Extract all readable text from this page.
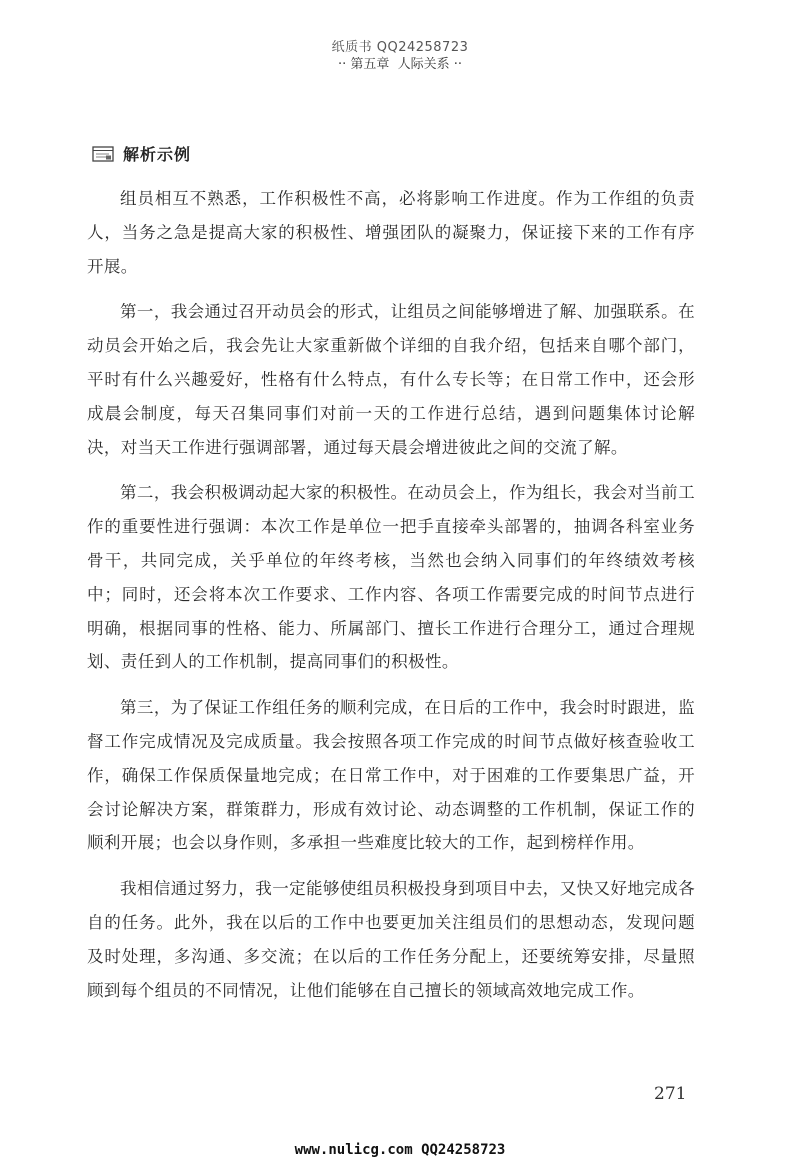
纸质书 QQ24258723
·· 第五章  人际关系 ··
解析示例

组员相互不熟悉，工作积极性不高，必将影响工作进度。作为工作组的负责人，当务之急是提高大家的积极性、增强团队的凝聚力，保证接下来的工作有序开展。

第一，我会通过召开动员会的形式，让组员之间能够增进了解、加强联系。在动员会开始之后，我会先让大家重新做个详细的自我介绍，包括来自哪个部门，平时有什么兴趣爱好，性格有什么特点，有什么专长等；在日常工作中，还会形成晨会制度，每天召集同事们对前一天的工作进行总结，遇到问题集体讨论解决，对当天工作进行强调部署，通过每天晨会增进彼此之间的交流了解。

第二，我会积极调动起大家的积极性。在动员会上，作为组长，我会对当前工作的重要性进行强调：本次工作是单位一把手直接牵头部署的，抽调各科室业务骨干，共同完成，关乎单位的年终考核，当然也会纳入同事们的年终绩效考核中；同时，还会将本次工作要求、工作内容、各项工作需要完成的时间节点进行明确，根据同事的性格、能力、所属部门、擅长工作进行合理分工，通过合理规划、责任到人的工作机制，提高同事们的积极性。

第三，为了保证工作组任务的顺利完成，在日后的工作中，我会时时跟进，监督工作完成情况及完成质量。我会按照各项工作完成的时间节点做好核查验收工作，确保工作保质保量地完成；在日常工作中，对于困难的工作要集思广益，开会讨论解决方案，群策群力，形成有效讨论、动态调整的工作机制，保证工作的顺利开展；也会以身作则，多承担一些难度比较大的工作，起到榜样作用。

我相信通过努力，我一定能够使组员积极投身到项目中去，又快又好地完成各自的任务。此外，我在以后的工作中也要更加关注组员们的思想动态，发现问题及时处理，多沟通、多交流；在以后的工作任务分配上，还要统筹安排，尽量照顾到每个组员的不同情况，让他们能够在自己擅长的领域高效地完成工作。

271
www.nulicg.com QQ24258723
